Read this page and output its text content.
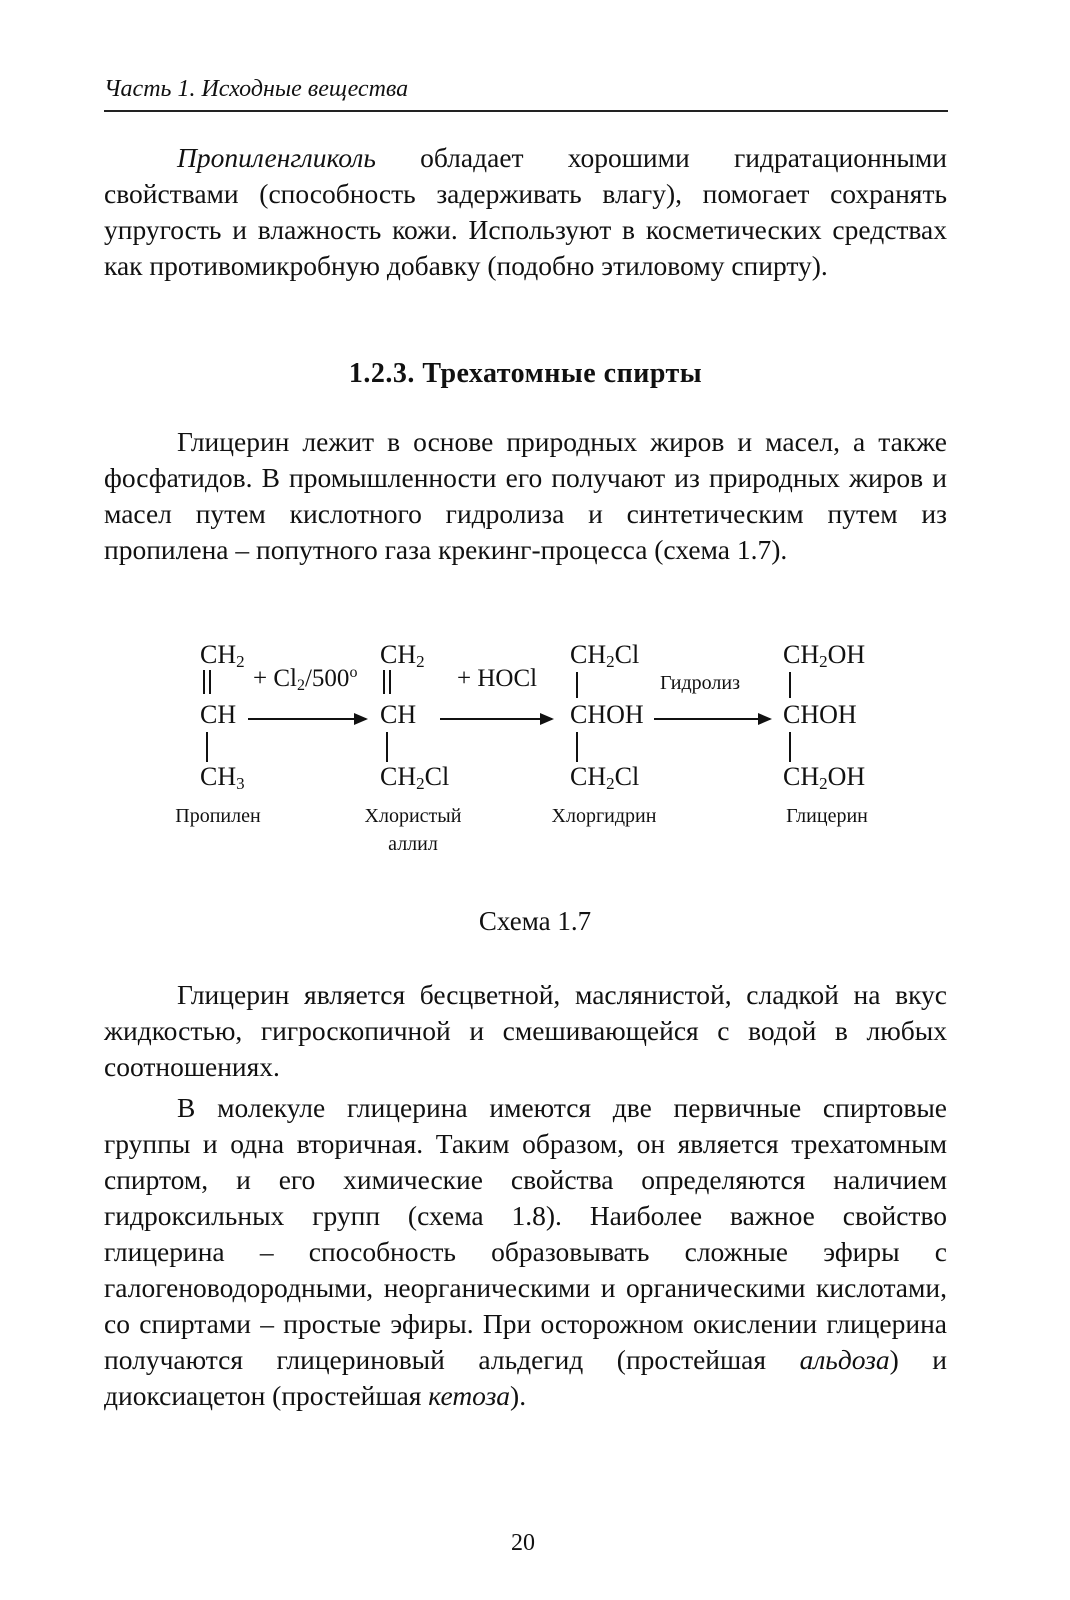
Часть 1. Исходные вещества

Пропиленгликоль обладает хорошими гидратационными свойствами (способность задерживать влагу), помогает сохранять упругость и влажность кожи. Используют в косметических средствах как противомикробную добавку (подобно этиловому спирту).

1.2.3. Трехатомные спирты

Глицерин лежит в основе природных жиров и масел, а также фосфатидов. В промышленности его получают из природных жиров и масел путем кислотного гидролиза и синтетическим путем из пропилена – попутного газа крекинг-процесса (схема 1.7).

$CH_2$
CH
$CH_3$
Пропилен
+ $Cl_2/500^o$
$CH_2$
CH
$CH_2Cl$
Хлористый
аллил
+ HOCl
$CH_2Cl$
CHOH
$CH_2Cl$
Хлоргидрин
Гидролиз
$CH_2OH$
CHOH
$CH_2OH$
Глицерин
Схема 1.7

Глицерин является бесцветной, маслянистой, сладкой на вкус жидкостью, гигроскопичной и смешивающейся с водой в любых соотношениях.

В молекуле глицерина имеются две первичные спиртовые группы и одна вторичная. Таким образом, он является трехатомным спиртом, и его химические свойства определяются наличием гидроксильных групп (схема 1.8). Наиболее важное свойство глицерина – способность образовывать сложные эфиры с галогеноводородными, неорганическими и органическими кислотами, со спиртами – простые эфиры. При осторожном окислении глицерина получаются глицериновый альдегид (простейшая альдоза) и диоксиацетон (простейшая кетоза).

20
